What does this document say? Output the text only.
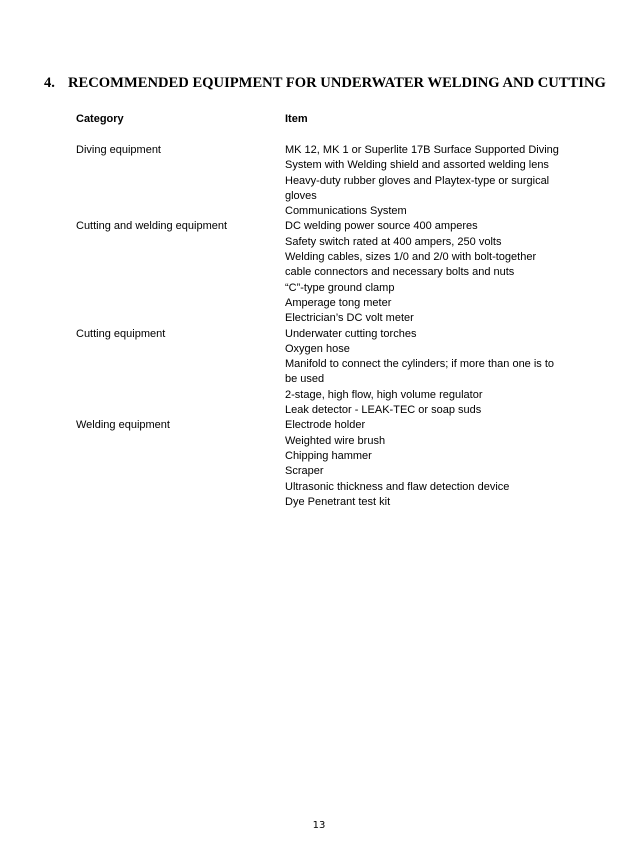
4. RECOMMENDED EQUIPMENT FOR UNDERWATER WELDING AND CUTTING
Category	Item
Diving equipment	MK 12, MK 1 or Superlite 17B Surface Supported Diving
System with Welding shield and assorted welding lens
Heavy-duty rubber gloves and Playtex-type or surgical
gloves
Communications System
Cutting and welding equipment	DC welding power source 400 amperes
Safety switch rated at 400 ampers, 250 volts
Welding cables, sizes 1/0 and 2/0 with bolt-together
cable connectors and necessary bolts and nuts
“C”-type ground clamp
Amperage tong meter
Electrician’s DC volt meter
Cutting equipment	Underwater cutting torches
Oxygen hose
Manifold to connect the cylinders; if more than one is to
be used
2-stage, high flow, high volume regulator
Leak detector - LEAK-TEC or soap suds
Welding equipment	Electrode holder
Weighted wire brush
Chipping hammer
Scraper
Ultrasonic thickness and flaw detection device
Dye Penetrant test kit
13
